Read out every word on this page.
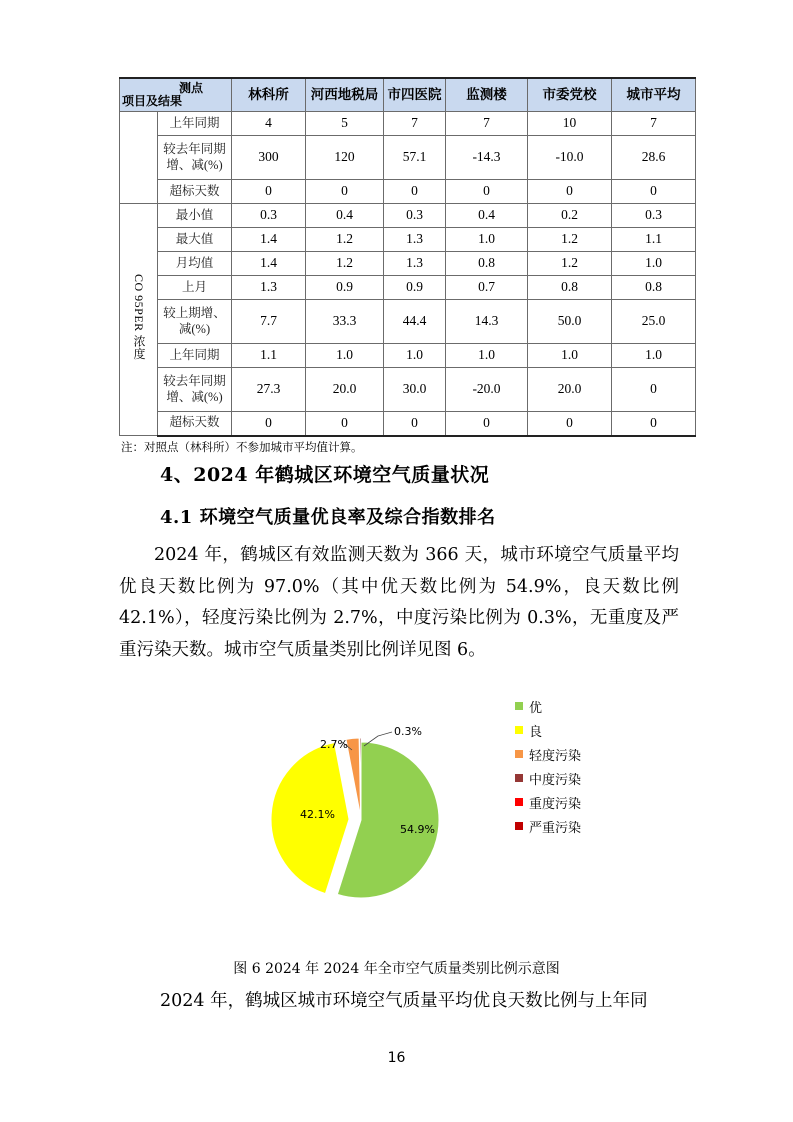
测点
项目及结果		林科所	河西地税局	市四医院	监测楼	市委党校	城市平均
	上年同期	4	5	7	7	10	7
	较去年同期增、减(%)	300	120	57.1	-14.3	-10.0	28.6
	超标天数	0	0	0	0	0	0
CO 95PER 浓度	最小值	0.3	0.4	0.3	0.4	0.2	0.3
	最大值	1.4	1.2	1.3	1.0	1.2	1.1
	月均值	1.4	1.2	1.3	0.8	1.2	1.0
	上月	1.3	0.9	0.9	0.7	0.8	0.8
	较上期增、减(%)	7.7	33.3	44.4	14.3	50.0	25.0
	上年同期	1.1	1.0	1.0	1.0	1.0	1.0
	较去年同期增、减(%)	27.3	20.0	30.0	-20.0	20.0	0
	超标天数	0	0	0	0	0	0
注：对照点（林科所）不参加城市平均值计算。
4、2024 年鹤城区环境空气质量状况
4.1 环境空气质量优良率及综合指数排名
2024 年，鹤城区有效监测天数为 366 天，城市环境空气质量平均优良天数比例为 97.0%（其中优天数比例为 54.9%，良天数比例 42.1%），轻度污染比例为 2.7%，中度污染比例为 0.3%，无重度及严重污染天数。城市空气质量类别比例详见图 6。
54.9%
42.1%
2.7%
0.3%
优
良
轻度污染
中度污染
重度污染
严重污染
图 6 2024 年 2024 年全市空气质量类别比例示意图
2024 年，鹤城区城市环境空气质量平均优良天数比例与上年同
16
